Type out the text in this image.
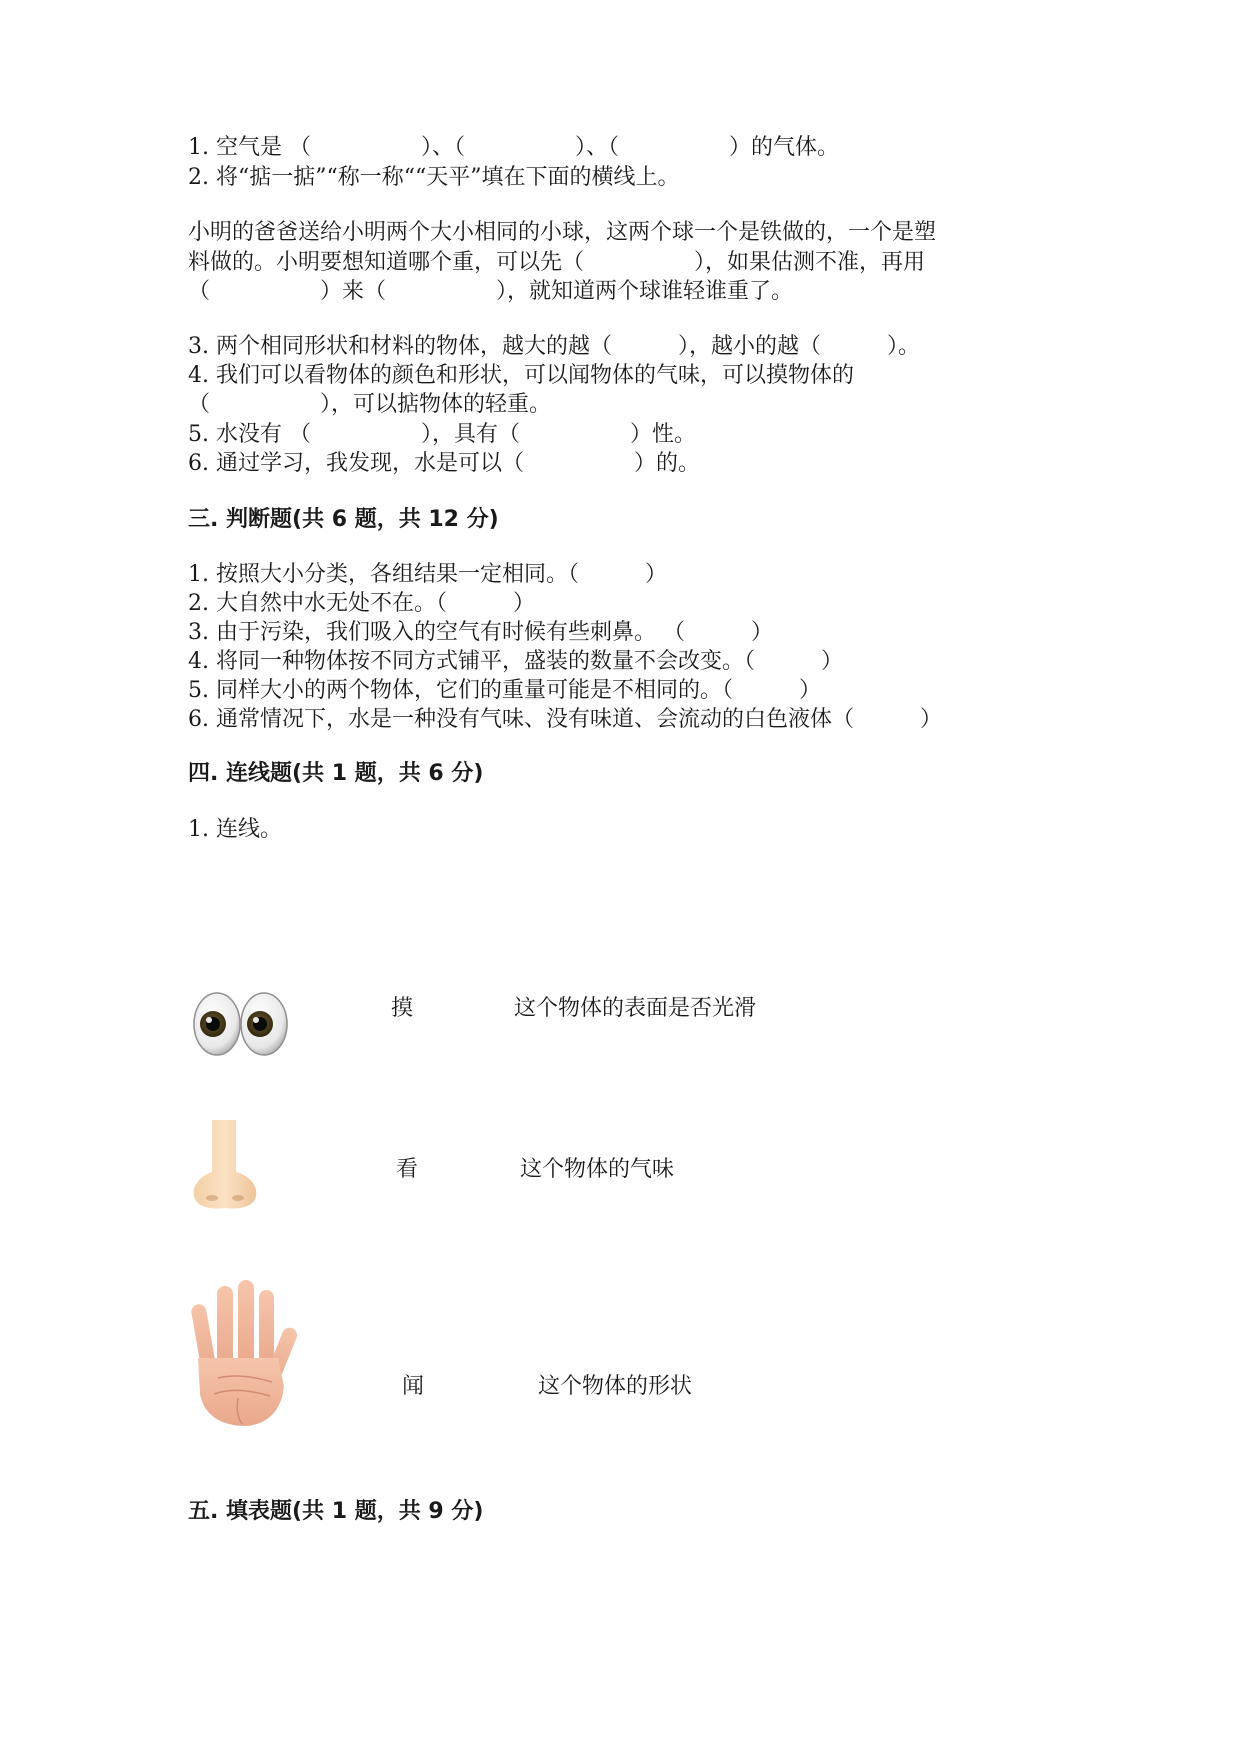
1. 空气是 （　　　　　）、（　　　　　）、（　　　　　）的气体。
2. 将“掂一掂”“称一称““天平”填在下面的横线上。
小明的爸爸送给小明两个大小相同的小球，这两个球一个是铁做的，一个是塑
料做的。小明要想知道哪个重，可以先（　　　　　），如果估测不准，再用
（　　　　　）来（　　　　　），就知道两个球谁轻谁重了。
3. 两个相同形状和材料的物体，越大的越（　　　），越小的越（　　　）。
4. 我们可以看物体的颜色和形状，可以闻物体的气味，可以摸物体的
（　　　　　），可以掂物体的轻重。
5. 水没有 （　　　　　），具有（　　　　　）性。
6. 通过学习，我发现，水是可以（　　　　　）的。
三. 判断题(共 6 题，共 12 分)
1. 按照大小分类，各组结果一定相同。（　　　）
2. 大自然中水无处不在。（　　　）
3. 由于污染，我们吸入的空气有时候有些刺鼻。 （　　　）
4. 将同一种物体按不同方式铺平，盛装的数量不会改变。（　　　）
5. 同样大小的两个物体，它们的重量可能是不相同的。（　　　）
6. 通常情况下，水是一种没有气味、没有味道、会流动的白色液体（　　　）
四. 连线题(共 1 题，共 6 分)
1. 连线。
摸	这个物体的表面是否光滑
看	这个物体的气味
闻	这个物体的形状
五. 填表题(共 1 题，共 9 分)
